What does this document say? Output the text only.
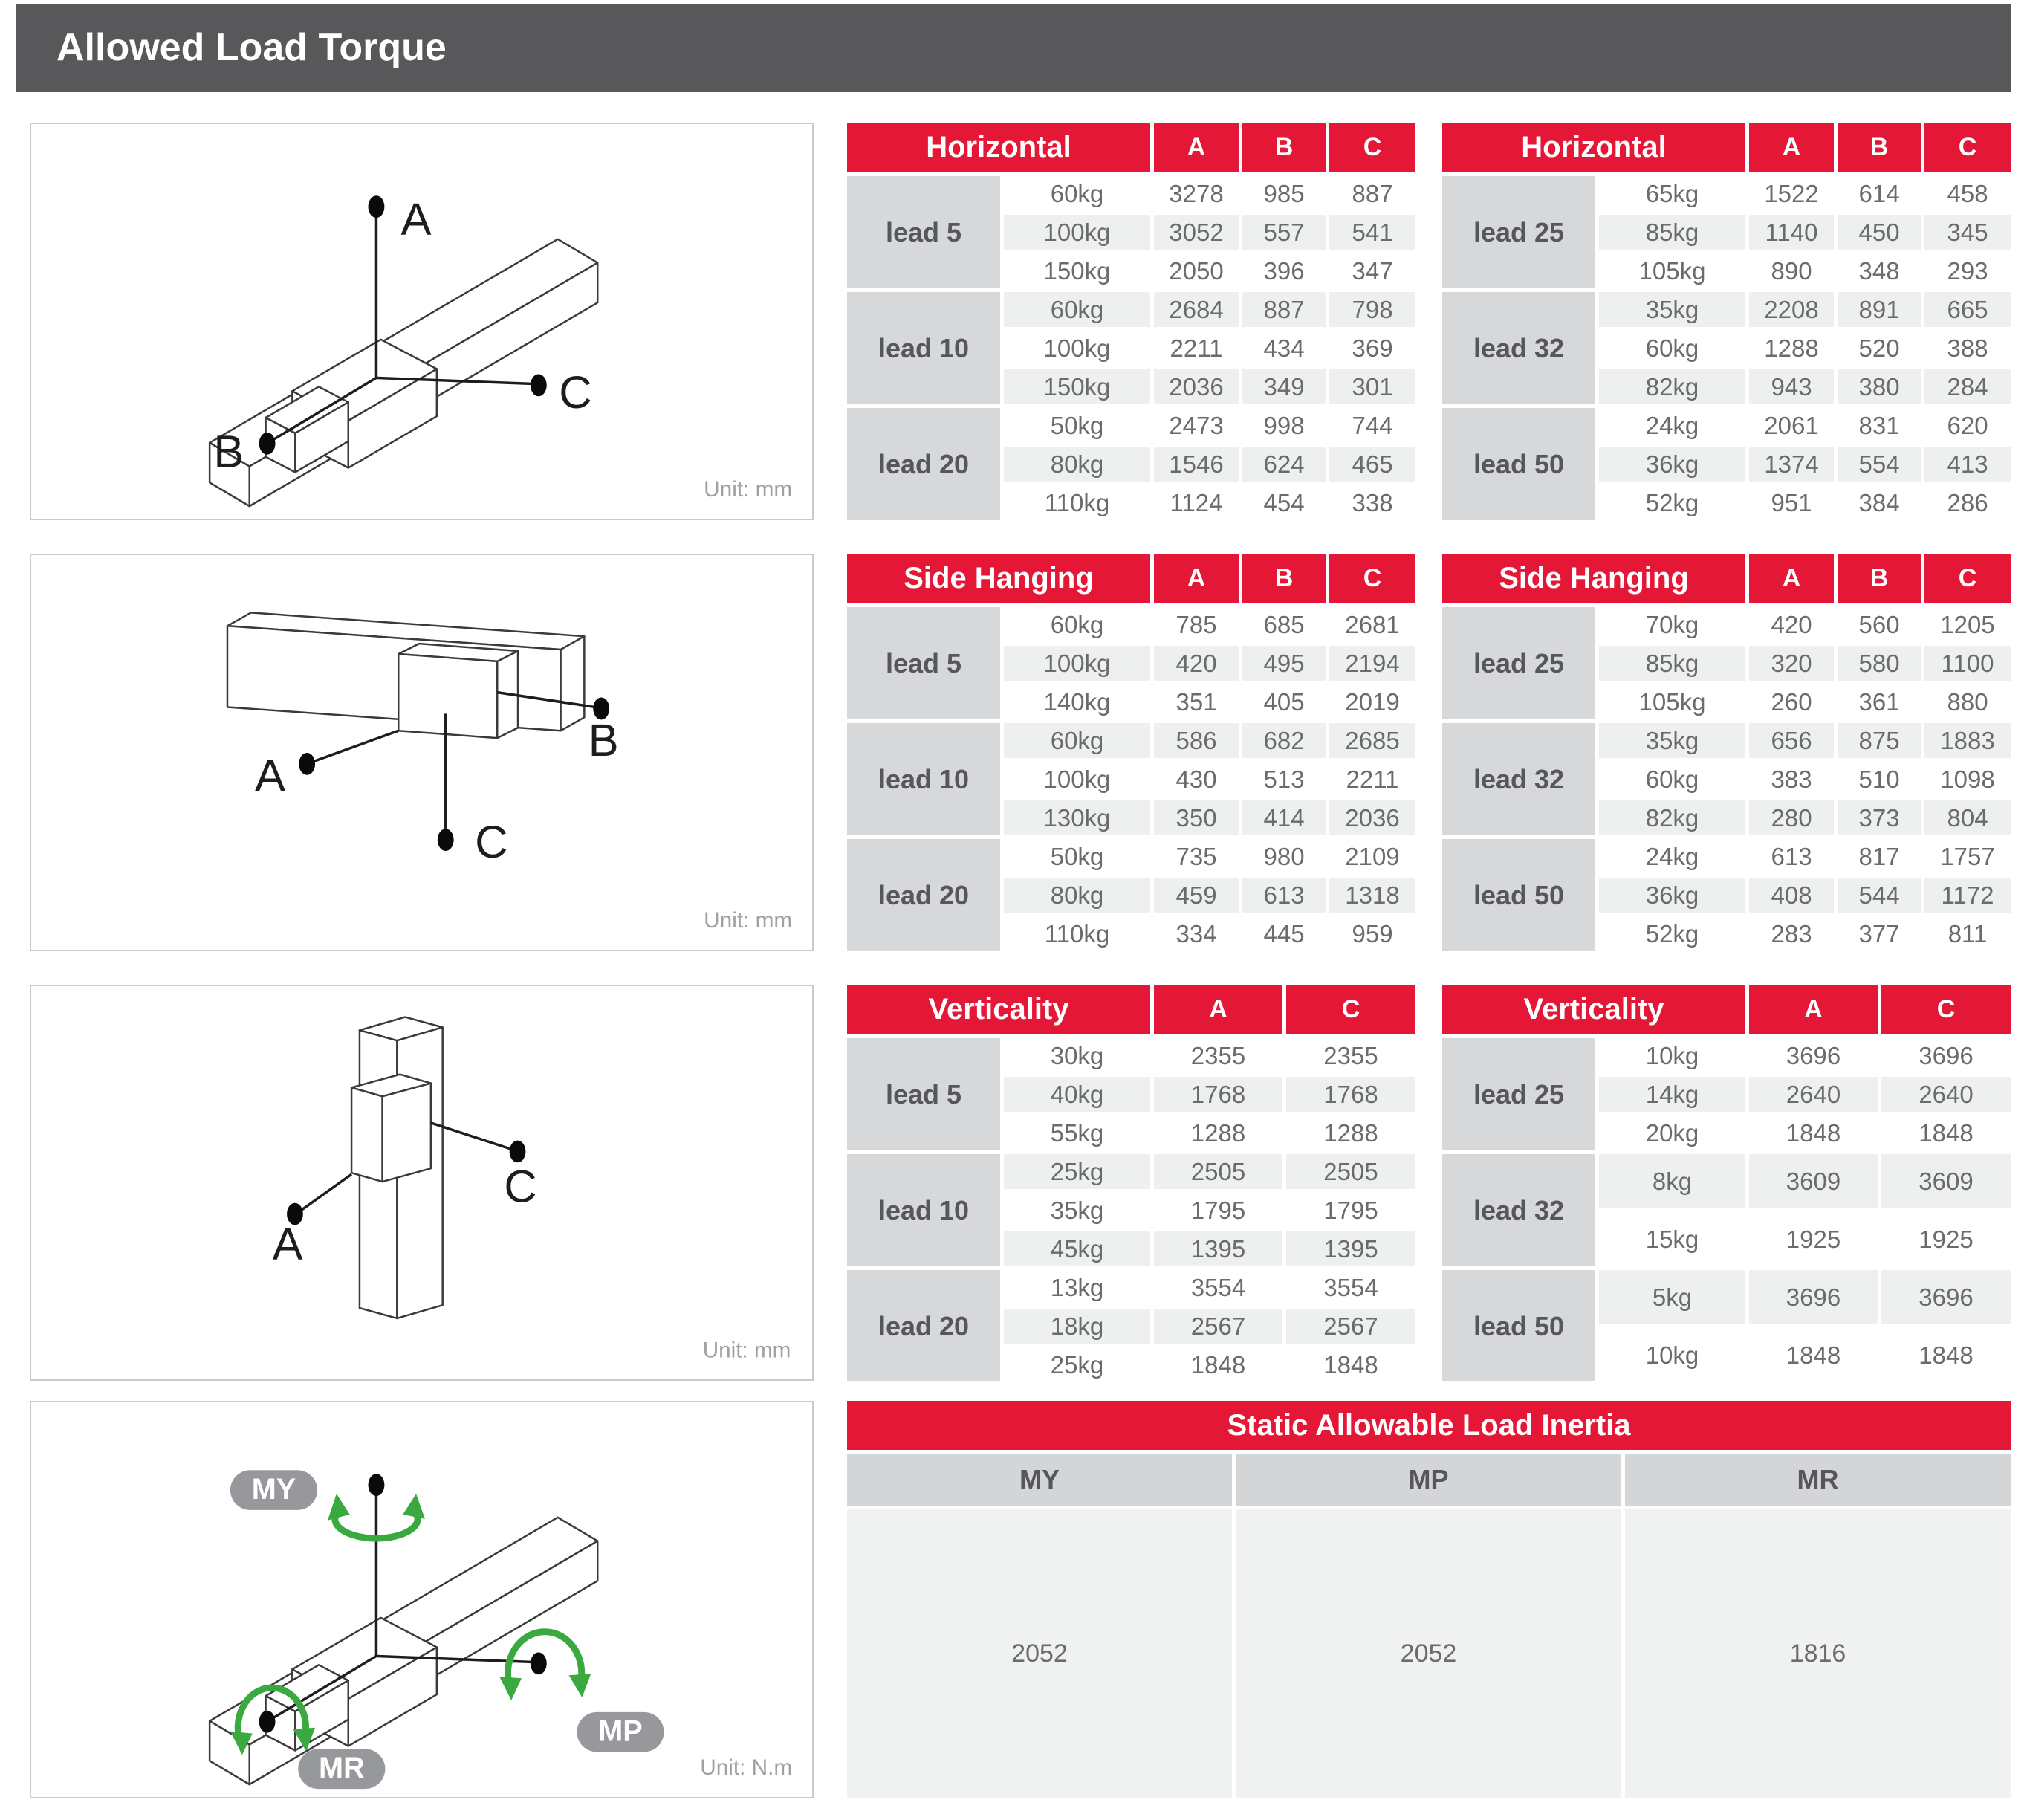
Allowed Load Torque
A
B
C
Unit: mm
A
B
C
Unit: mm
A
C
Unit: mm
MY
MP
MR	Unit: N.m
Horizontal		A	B	C
lead 5	60kg	3278	985	887
	100kg	3052	557	541
	150kg	2050	396	347
lead 10	60kg	2684	887	798
	100kg	2211	434	369
	150kg	2036	349	301
lead 20	50kg	2473	998	744
	80kg	1546	624	465
	110kg	1124	454	338
Horizontal		A	B	C
lead 25	65kg	1522	614	458
	85kg	1140	450	345
	105kg	890	348	293
lead 32	35kg	2208	891	665
	60kg	1288	520	388
	82kg	943	380	284
lead 50	24kg	2061	831	620
	36kg	1374	554	413
	52kg	951	384	286
Side Hanging		A	B	C
lead 5	60kg	785	685	2681
	100kg	420	495	2194
	140kg	351	405	2019
lead 10	60kg	586	682	2685
	100kg	430	513	2211
	130kg	350	414	2036
lead 20	50kg	735	980	2109
	80kg	459	613	1318
	110kg	334	445	959
Side Hanging		A	B	C
lead 25	70kg	420	560	1205
	85kg	320	580	1100
	105kg	260	361	880
lead 32	35kg	656	875	1883
	60kg	383	510	1098
	82kg	280	373	804
lead 50	24kg	613	817	1757
	36kg	408	544	1172
	52kg	283	377	811
Verticality		A	C
lead 5	30kg	2355	2355
	40kg	1768	1768
	55kg	1288	1288
lead 10	25kg	2505	2505
	35kg	1795	1795
	45kg	1395	1395
lead 20	13kg	3554	3554
	18kg	2567	2567
	25kg	1848	1848
Verticality		A	C
lead 25	10kg	3696	3696
	14kg	2640	2640
	20kg	1848	1848
lead 32	8kg	3609	3609
	15kg	1925	1925
lead 50	5kg	3696	3696
	10kg	1848	1848
Static Allowable Load Inertia		
MY	MP	MR
2052	2052	1816
